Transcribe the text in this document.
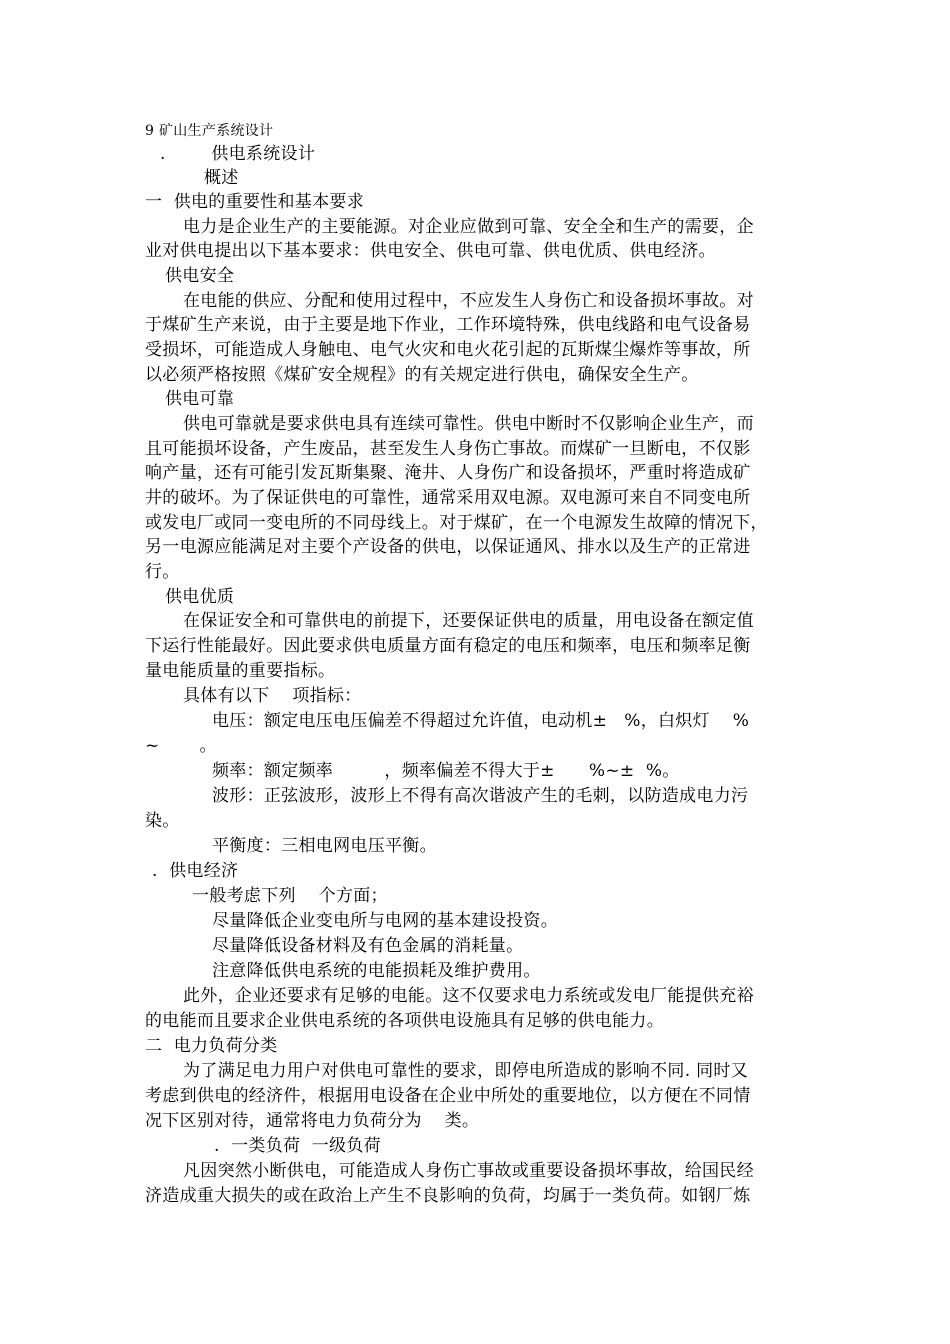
9 矿山生产系统设计
.        供电系统设计
概述
一  供电的重要性和基本要求
电力是企业生产的主要能源。对企业应做到可靠、安全全和生产的需要，企
业对供电提出以下基本要求：供电安全、供电可靠、供电优质、供电经济。
供电安全
在电能的供应、分配和使用过程中，不应发生人身伤亡和设备损坏事故。对
于煤矿生产来说，由于主要是地下作业，工作环境特殊，供电线路和电气设备易
受损坏，可能造成人身触电、电气火灾和电火花引起的瓦斯煤尘爆炸等事故，所
以必须严格按照《煤矿安全规程》的有关规定进行供电，确保安全生产。
供电可靠
供电可靠就是要求供电具有连续可靠性。供电中断时不仅影响企业生产，而
且可能损坏设备，产生废品，甚至发生人身伤亡事故。而煤矿一旦断电，不仅影
响产量，还有可能引发瓦斯集聚、淹井、人身伤广和设备损坏，严重时将造成矿
井的破坏。为了保证供电的可靠性，通常采用双电源。双电源可来自不同变电所
或发电厂或同一变电所的不同母线上。对于煤矿，在一个电源发生故障的情况下，
另一电源应能满足对主要个产设备的供电，以保证通风、排水以及生产的正常进
行。
供电优质
在保证安全和可靠供电的前提下，还要保证供电的质量，用电设备在额定值
下运行性能最好。因此要求供电质量方面有稳定的电压和频率，电压和频率足衡
量电能质量的重要指标。
具体有以下    项指标：
电压：额定电压电压偏差不得超过允许值，电动机±   %，白炽灯    %
~       。
频率：额定频率         ，频率偏差不得大于±      %~±  %。
波形：正弦波形，波形上不得有高次谐波产生的毛刺，以防造成电力污
染。
平衡度：三相电网电压平衡。
.  供电经济
一般考虑下列    个方面；
尽量降低企业变电所与电网的基本建设投资。
尽量降低设备材料及有色金属的消耗量。
注意降低供电系统的电能损耗及维护费用。
此外，企业还要求有足够的电能。这不仅要求电力系统或发电厂能提供充裕
的电能而且要求企业供电系统的各项供电设施具有足够的供电能力。
二  电力负荷分类
为了满足电力用户对供电可靠性的要求，即停电所造成的影响不同. 同时又
考虑到供电的经济件，根据用电设备在企业中所处的重要地位，以方便在不同情
况下区别对待，通常将电力负荷分为    类。
.  一类负荷  一级负荷
凡因突然小断供电，可能造成人身伤亡事故或重要设备损坏事故，给国民经
济造成重大损失的或在政治上产生不良影响的负荷，均属于一类负荷。如钢厂炼
